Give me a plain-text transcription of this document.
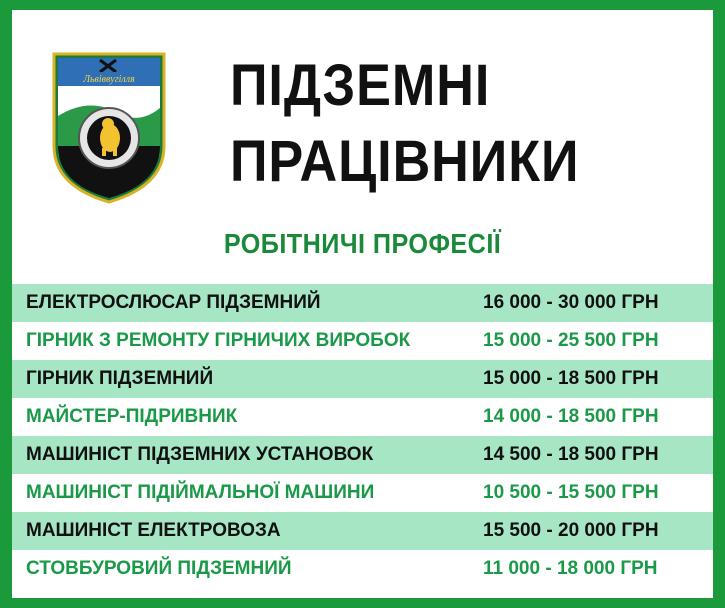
Львіввугілля ПІДЗЕМНІ
ПРАЦІВНИКИ
РОБІТНИЧІ ПРОФЕСІЇ
ЕЛЕКТРОСЛЮСАР ПІДЗЕМНИЙ	16 000 - 30 000 ГРН
ГІРНИК З РЕМОНТУ ГІРНИЧИХ ВИРОБОК	15 000 - 25 500 ГРН
ГІРНИК ПІДЗЕМНИЙ	15 000 - 18 500 ГРН
МАЙСТЕР-ПІДРИВНИК	14 000 - 18 500 ГРН
МАШИНІСТ ПІДЗЕМНИХ УСТАНОВОК	14 500 - 18 500 ГРН
МАШИНІСТ ПІДІЙМАЛЬНОЇ МАШИНИ	10 500 - 15 500 ГРН
МАШИНІСТ ЕЛЕКТРОВОЗА	15 500 - 20 000 ГРН
СТОВБУРОВИЙ ПІДЗЕМНИЙ	11 000 - 18 000 ГРН
